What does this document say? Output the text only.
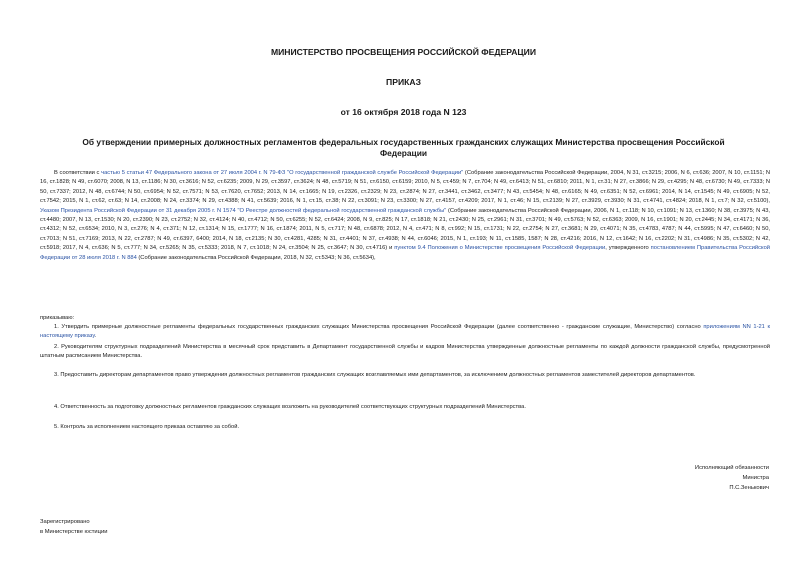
МИНИСТЕРСТВО ПРОСВЕЩЕНИЯ РОССИЙСКОЙ ФЕДЕРАЦИИ
ПРИКАЗ
от 16 октября 2018 года N 123
Об утверждении примерных должностных регламентов федеральных государственных гражданских служащих Министерства просвещения Российской Федерации

В соответствии с частью 5 статьи 47 Федерального закона от 27 июля 2004 г. N 79-ФЗ "О государственной гражданской службе Российской Федерации" (Собрание законодательства Российской Федерации, 2004, N 31, ст.3215; 2006, N 6, ст.636; 2007, N 10, ст.1151; N 16, ст.1828; N 49, ст.6070; 2008, N 13, ст.1186; N 30, ст.3616; N 52, ст.6235; 2009, N 29, ст.3597, ст.3624; N 48, ст.5719; N 51, ст.6150, ст.6159; 2010, N 5, ст.459; N 7, ст.704; N 49, ст.6413; N 51, ст.6810; 2011, N 1, ст.31; N 27, ст.3866; N 29, ст.4295; N 48, ст.6730; N 49, ст.7333; N 50, ст.7337; 2012, N 48, ст.6744; N 50, ст.6954; N 52, ст.7571; N 53, ст.7620, ст.7652; 2013, N 14, ст.1665; N 19, ст.2326, ст.2329; N 23, ст.2874; N 27, ст.3441, ст.3462, ст.3477; N 43, ст.5454; N 48, ст.6165; N 49, ст.6351; N 52, ст.6961; 2014, N 14, ст.1545; N 49, ст.6905; N 52, ст.7542; 2015, N 1, ст.62, ст.63; N 14, ст.2008; N 24, ст.3374; N 29, ст.4388; N 41, ст.5639; 2016, N 1, ст.15, ст.38; N 22, ст.3091; N 23, ст.3300; N 27, ст.4157, ст.4209; 2017, N 1, ст.46; N 15, ст.2139; N 27, ст.3929, ст.3930; N 31, ст.4741, ст.4824; 2018, N 1, ст.7; N 32, ст.5100), Указом Президента Российской Федерации от 31 декабря 2005 г. N 1574 "О Реестре должностей федеральной государственной гражданской службы" (Собрание законодательства Российской Федерации, 2006, N 1, ст.118; N 10, ст.1091; N 13, ст.1360; N 38, ст.3975; N 43, ст.4480; 2007, N 13, ст.1530; N 20, ст.2390; N 23, ст.2752; N 32, ст.4124; N 40, ст.4712; N 50, ст.6255; N 52, ст.6424; 2008, N 9, ст.825; N 17, ст.1818; N 21, ст.2430; N 25, ст.2961; N 31, ст.3701; N 49, ст.5763; N 52, ст.6363; 2009, N 16, ст.1901; N 20, ст.2445; N 34, ст.4171; N 36, ст.4312; N 52, ст.6534; 2010, N 3, ст.276; N 4, ст.371; N 12, ст.1314; N 15, ст.1777; N 16, ст.1874; 2011, N 5, ст.717; N 48, ст.6878; 2012, N 4, ст.471; N 8, ст.992; N 15, ст.1731; N 22, ст.2754; N 27, ст.3681; N 29, ст.4071; N 35, ст.4783, 4787; N 44, ст.5995; N 47, ст.6460; N 50, ст.7013; N 51, ст.7169; 2013, N 22, ст.2787; N 49, ст.6397, 6400; 2014, N 18, ст.2135; N 30, ст.4281, 4285; N 31, ст.4401; N 37, ст.4938; N 44, ст.6046; 2015, N 1, ст.193; N 11, ст.1585, 1587; N 28, ст.4216; 2016, N 12, ст.1642; N 16, ст.2202; N 31, ст.4986; N 35, ст.5302; N 42, ст.5918; 2017, N 4, ст.636; N 5, ст.777; N 34, ст.5265; N 35, ст.5333; 2018, N 7, ст.1018; N 24, ст.3504; N 25, ст.3647; N 30, ст.4716) и пунктом 9.4 Положения о Министерстве просвещения Российской Федерации, утвержденного постановлением Правительства Российской Федерации от 28 июля 2018 г. N 884 (Собрание законодательства Российской Федерации, 2018, N 32, ст.5343; N 36, ст.5634),

приказываю:

1. Утвердить примерные должностные регламенты федеральных государственных гражданских служащих Министерства просвещения Российской Федерации (далее соответственно - гражданские служащие, Министерство) согласно приложениям NN 1-21 к настоящему приказу.

2. Руководителям структурных подразделений Министерства в месячный срок представить в Департамент государственной службы и кадров Министерства утвержденные должностные регламенты по каждой должности гражданской службы, предусмотренной штатным расписанием Министерства.

3. Предоставить директорам департаментов право утверждения должностных регламентов гражданских служащих возглавляемых ими департаментов, за исключением должностных регламентов заместителей директоров департаментов.

4. Ответственность за подготовку должностных регламентов гражданских служащих возложить на руководителей соответствующих структурных подразделений Министерства.

5. Контроль за исполнением настоящего приказа оставляю за собой.

Исполняющий обязанности
Министра
П.С.Зенькович
Зарегистрировано
в Министерстве юстиции
